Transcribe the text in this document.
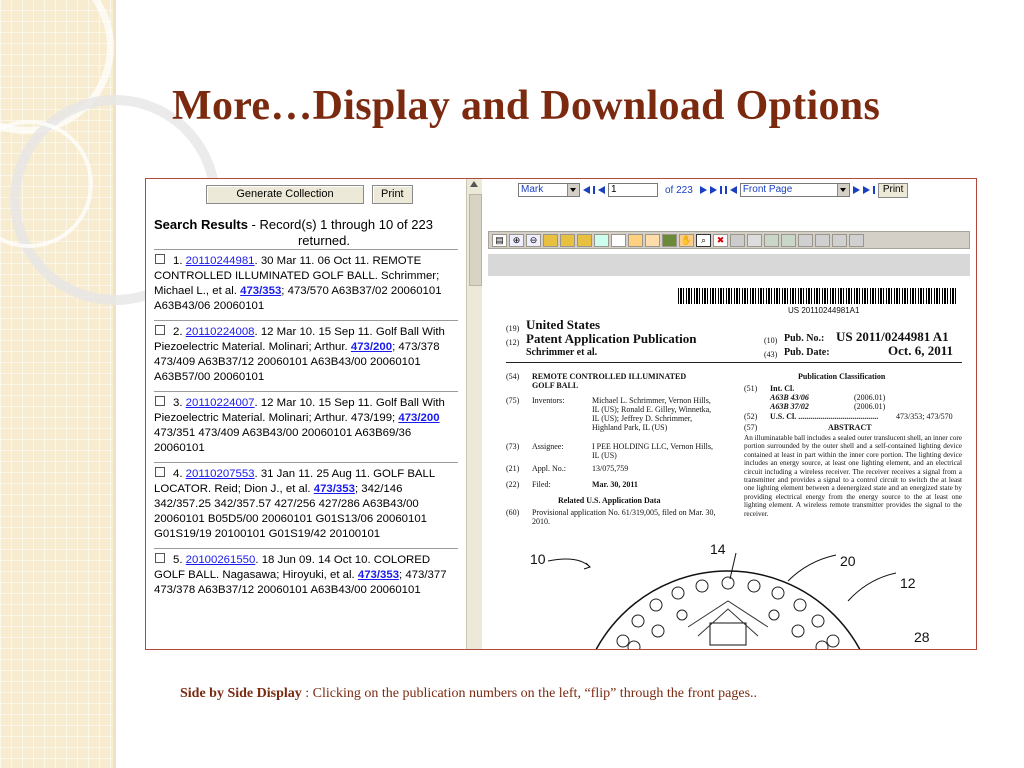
More…Display and Download Options
Generate Collection	Print
Search Results - Record(s) 1 through 10 of 223
returned.
1. 20110244981. 30 Mar 11. 06 Oct 11. REMOTE CONTROLLED ILLUMINATED GOLF BALL. Schrimmer; Michael L., et al. 473/353; 473/570 A63B37/02 20060101 A63B43/06 20060101
2. 20110224008. 12 Mar 10. 15 Sep 11. Golf Ball With Piezoelectric Material. Molinari; Arthur. 473/200; 473/378 473/409 A63B37/12 20060101 A63B43/00 20060101 A63B57/00 20060101
3. 20110224007. 12 Mar 10. 15 Sep 11. Golf Ball With Piezoelectric Material. Molinari; Arthur. 473/199; 473/200 473/351 473/409 A63B43/00 20060101 A63B69/36 20060101
4. 20110207553. 31 Jan 11. 25 Aug 11. GOLF BALL LOCATOR. Reid; Dion J., et al. 473/353; 342/146 342/357.25 342/357.57 427/256 427/286 A63B43/00 20060101 B05D5/00 20060101 G01S13/06 20060101 G01S19/19 20100101 G01S19/42 20100101
5. 20100261550. 18 Jun 09. 14 Oct 10. COLORED GOLF BALL. Nagasawa; Hiroyuki, et al. 473/353; 473/377 473/378 A63B37/12 20060101 A63B43/00 20060101
Mark	1	of 223	Front Page	Print
▤ ⊕	⊖	✋ ⌕	✖
US 20110244981A1
(19) United States
(12) Patent Application Publication
Schrimmer et al.
(10) Pub. No.: US 2011/0244981 A1
(43) Pub. Date:	Oct. 6, 2011
(54) REMOTE CONTROLLED ILLUMINATED GOLF BALL
(75) Inventors:	Michael L. Schrimmer, Vernon Hills, IL (US); Ronald E. Gilley, Winnetka, IL (US); Jeffrey D. Schrimmer, Highland Park, IL (US)
(73) Assignee:	I PEE HOLDING LLC, Vernon Hills, IL (US)
(21) Appl. No.:	13/075,759
(22) Filed:	Mar. 30, 2011
Related U.S. Application Data
(60) Provisional application No. 61/319,005, filed on Mar. 30, 2010.
Publication Classification
(51) Int. Cl.
A63B 43/06	(2006.01)
A63B 37/02	(2006.01)
(52) U.S. Cl. ........................................	473/353; 473/570
(57)	ABSTRACT
An illuminatable ball includes a sealed outer translucent shell, an inner core portion surrounded by the outer shell and a self-contained lighting device contained at least in part within the inner core portion. The lighting device includes an energy source, at least one lighting element, and an electrical circuit including a wireless receiver. The receiver receives a signal from a transmitter and provides a signal to a control circuit to switch the at least one lighting element between a deenergized state and an energized state by providing electrical energy from the energy source to the at least one lighting element. A wireless remote transmitter provides the signal to the receiver.
10
14
20
12
28
Side by Side Display : Clicking on the publication numbers on the left, “flip” through the front pages..
